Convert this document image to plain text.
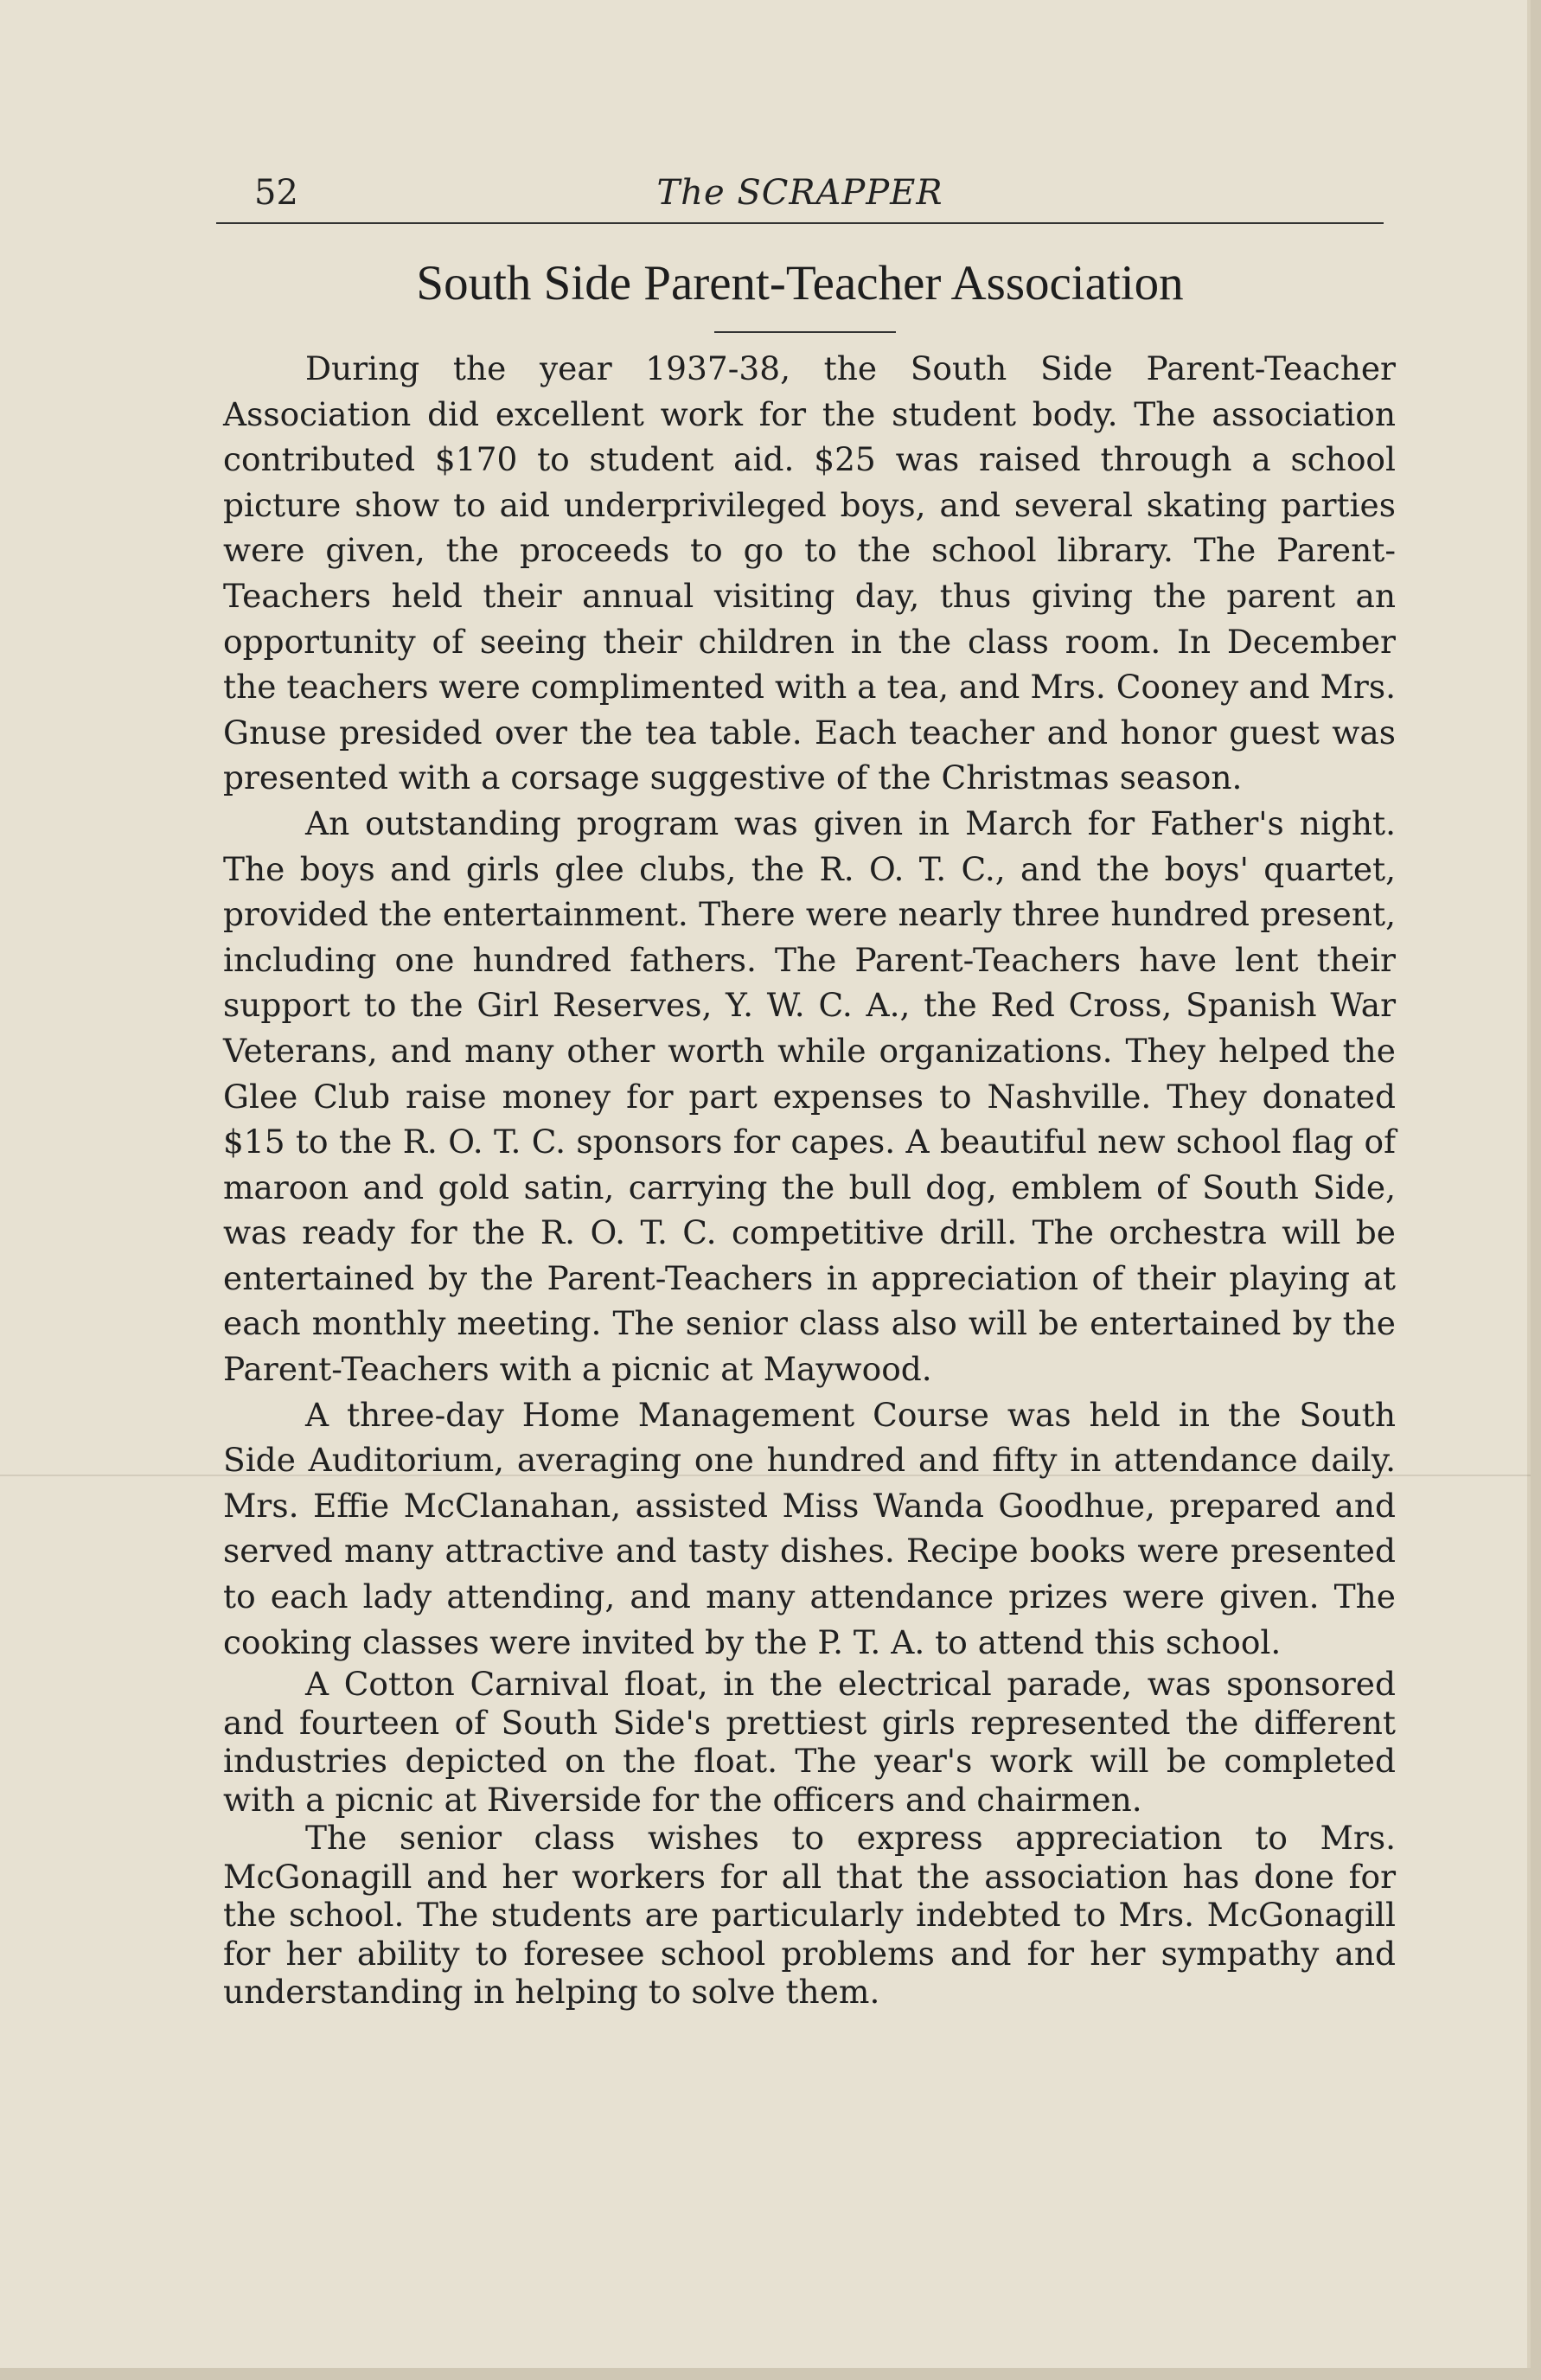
52	The SCRAPPER
South Side Parent-Teacher Association

During the year 1937-38, the South Side Parent-Teacher Association did excellent work for the student body. The association contributed $170 to student aid. $25 was raised through a school picture show to aid underprivileged boys, and several skating parties were given, the proceeds to go to the school library. The Parent-Teachers held their annual visiting day, thus giving the parent an opportunity of seeing their children in the class room. In December the teachers were complimented with a tea, and Mrs. Cooney and Mrs. Gnuse presided over the tea table. Each teacher and honor guest was presented with a corsage suggestive of the Christmas season.

An outstanding program was given in March for Father's night. The boys and girls glee clubs, the R. O. T. C., and the boys' quartet, provided the entertainment. There were nearly three hundred present, including one hundred fathers. The Parent-Teachers have lent their support to the Girl Reserves, Y. W. C. A., the Red Cross, Spanish War Veterans, and many other worth while organizations. They helped the Glee Club raise money for part expenses to Nashville. They donated $15 to the R. O. T. C. sponsors for capes. A beautiful new school flag of maroon and gold satin, carrying the bull dog, emblem of South Side, was ready for the R. O. T. C. competitive drill. The orchestra will be entertained by the Parent-Teachers in appreciation of their playing at each monthly meeting. The senior class also will be entertained by the Parent-Teachers with a picnic at Maywood.

A three-day Home Management Course was held in the South Side Auditorium, averaging one hundred and fifty in attendance daily. Mrs. Effie McClanahan, assisted Miss Wanda Goodhue, prepared and served many attractive and tasty dishes. Recipe books were presented to each lady attending, and many attendance prizes were given. The cooking classes were invited by the P. T. A. to attend this school.

A Cotton Carnival float, in the electrical parade, was sponsored and fourteen of South Side's prettiest girls represented the different industries depicted on the float. The year's work will be completed with a picnic at Riverside for the officers and chairmen.

The senior class wishes to express appreciation to Mrs. McGonagill and her workers for all that the association has done for the school. The students are particularly indebted to Mrs. McGonagill for her ability to foresee school problems and for her sympathy and understanding in helping to solve them.
